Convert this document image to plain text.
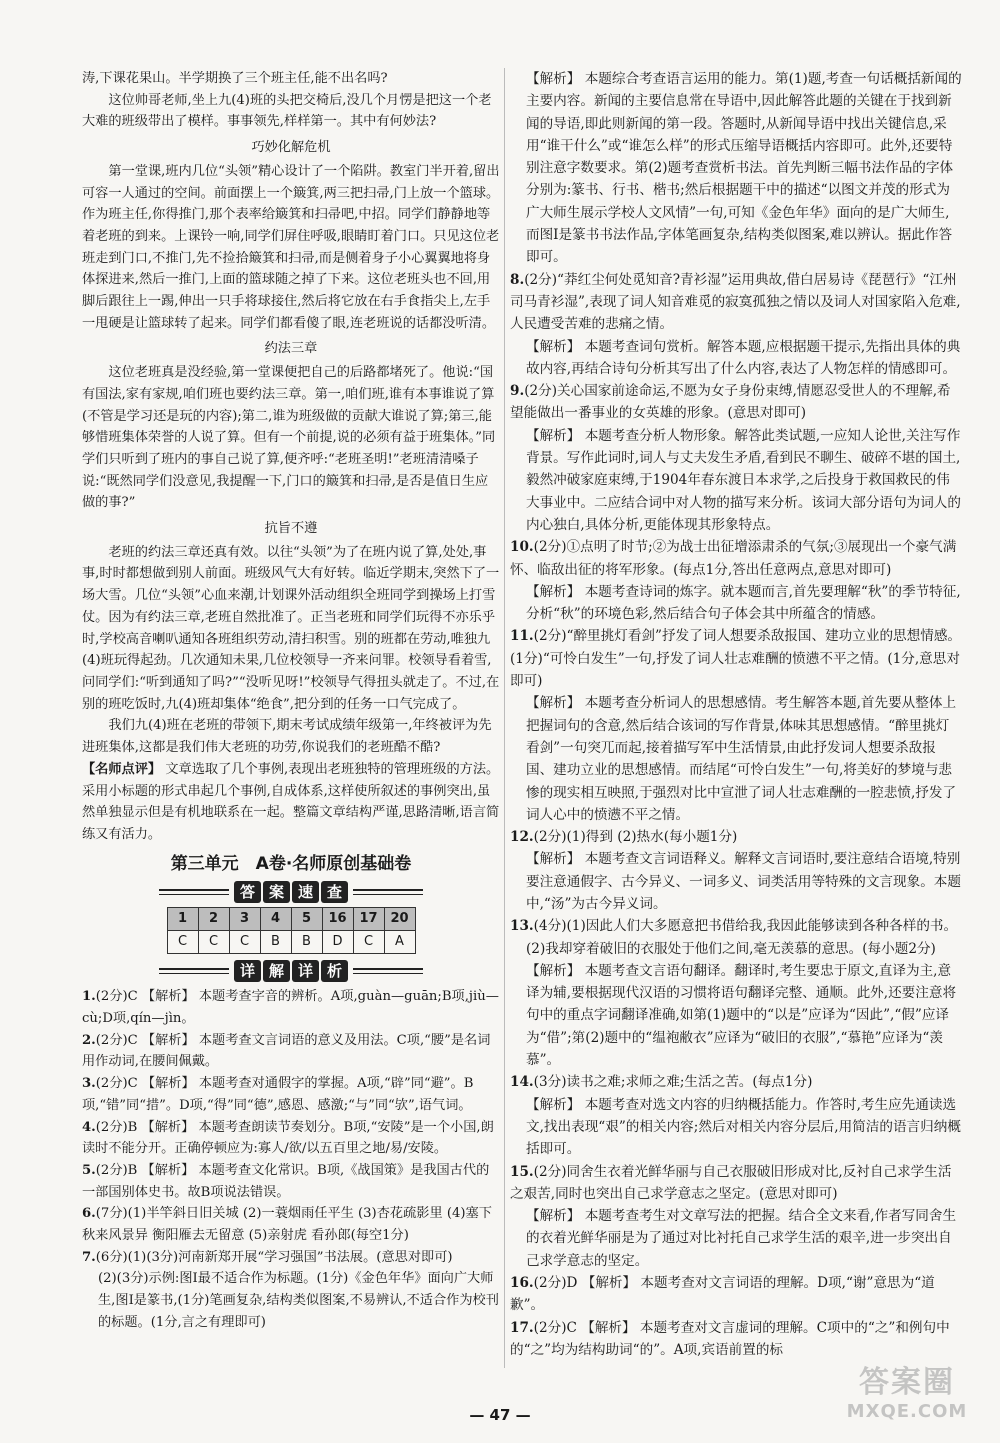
涛,下课花果山。半学期换了三个班主任,能不出名吗?

这位帅哥老师,坐上九(4)班的头把交椅后,没几个月愣是把这一个老大难的班级带出了模样。事事领先,样样第一。其中有何妙法?

巧妙化解危机

第一堂课,班内几位“头领”精心设计了一个陷阱。教室门半开着,留出可容一人通过的空间。前面摆上一个簸箕,两三把扫帚,门上放一个篮球。作为班主任,你得推门,那个表率给簸箕和扫帚吧,中招。同学们静静地等着老班的到来。上课铃一响,同学们屏住呼吸,眼睛盯着门口。只见这位老班走到门口,不推门,先不捡拾簸箕和扫帚,而是侧着身子小心翼翼地将身体探进来,然后一推门,上面的篮球随之掉了下来。这位老班头也不回,用脚后跟往上一踢,伸出一只手将球接住,然后将它放在右手食指尖上,左手一甩硬是让篮球转了起来。同学们都看傻了眼,连老班说的话都没听清。

约法三章

这位老班真是没经验,第一堂课便把自己的后路都堵死了。他说:“国有国法,家有家规,咱们班也要约法三章。第一,咱们班,谁有本事谁说了算(不管是学习还是玩的内容);第二,谁为班级做的贡献大谁说了算;第三,能够惜班集体荣誉的人说了算。但有一个前提,说的必须有益于班集体。”同学们只听到了班内的事自己说了算,便齐呼:“老班圣明!”老班清清嗓子说:“既然同学们没意见,我提醒一下,门口的簸箕和扫帚,是否是值日生应做的事?”

抗旨不遵

老班的约法三章还真有效。以往“头领”为了在班内说了算,处处,事事,时时都想做到别人前面。班级风气大有好转。临近学期末,突然下了一场大雪。几位“头领”心血来潮,计划课外活动组织全班同学到操场上打雪仗。因为有约法三章,老班自然批准了。正当老班和同学们玩得不亦乐乎时,学校高音喇叭通知各班组织劳动,清扫积雪。别的班都在劳动,唯独九(4)班玩得起劲。几次通知未果,几位校领导一齐来问罪。校领导看着雪,问同学们:“听到通知了吗?”“没听见呀!”校领导气得扭头就走了。不过,在别的班吃饭时,九(4)班却集体“绝食”,把分到的任务一口气完成了。

我们九(4)班在老班的带领下,期末考试成绩年级第一,年终被评为先进班集体,这都是我们伟大老班的功劳,你说我们的老班酷不酷?

【名师点评】 文章选取了几个事例,表现出老班独特的管理班级的方法。采用小标题的形式串起几个事例,自成体系,这样使所叙述的事例突出,虽然单独显示但是有机地联系在一起。整篇文章结构严谨,思路清晰,语言简练又有活力。

第三单元　A卷·名师原创基础卷
答 案 速 查
1	2	3	4	5	16	17	20
C	C	C	B	B	D	C	A
详 解 详 析

1.(2分)C 【解析】 本题考查字音的辨析。A项,guàn—guān;B项,jiù—cù;D项,qín—jìn。

2.(2分)C 【解析】 本题考查文言词语的意义及用法。C项,“腰”是名词用作动词,在腰间佩戴。

3.(2分)C 【解析】 本题考查对通假字的掌握。A项,“辟”同“避”。B项,“错”同“措”。D项,“得”同“德”,感恩、感激;“与”同“欤”,语气词。

4.(2分)B 【解析】 本题考查朗读节奏划分。B项,“安陵”是一个小国,朗读时不能分开。正确停顿应为:寡人/欲/以五百里之地/易/安陵。

5.(2分)B 【解析】 本题考查文化常识。B项,《战国策》是我国古代的一部国别体史书。故B项说法错误。

6.(7分)(1)半竿斜日旧关城 (2)一蓑烟雨任平生 (3)杏花疏影里 (4)塞下秋来风景异 衡阳雁去无留意 (5)亲射虎 看孙郎(每空1分)

7.(6分)(1)(3分)河南新郑开展“学习强国”书法展。(意思对即可)

(2)(3分)示例:图Ⅰ最不适合作为标题。(1分)《金色年华》面向广大师生,图Ⅰ是篆书,(1分)笔画复杂,结构类似图案,不易辨认,不适合作为校刊的标题。(1分,言之有理即可)

【解析】 本题综合考查语言运用的能力。第(1)题,考查一句话概括新闻的主要内容。新闻的主要信息常在导语中,因此解答此题的关键在于找到新闻的导语,即此则新闻的第一段。答题时,从新闻导语中找出关键信息,采用“谁干什么”或“谁怎么样”的形式压缩导语概括内容即可。此外,还要特别注意字数要求。第(2)题考查赏析书法。首先判断三幅书法作品的字体分别为:篆书、行书、楷书;然后根据题干中的描述“以图文并茂的形式为广大师生展示学校人文风情”一句,可知《金色年华》面向的是广大师生,而图Ⅰ是篆书书法作品,字体笔画复杂,结构类似图案,难以辨认。据此作答即可。

8.(2分)“莽红尘何处觅知音?青衫湿”运用典故,借白居易诗《琵琶行》“江州司马青衫湿”,表现了词人知音难觅的寂寞孤独之情以及词人对国家陷入危难,人民遭受苦难的悲痛之情。

【解析】 本题考查词句赏析。解答本题,应根据题干提示,先指出具体的典故内容,再结合诗句分析其写出了什么内容,表达了人物怎样的情感即可。

9.(2分)关心国家前途命运,不愿为女子身份束缚,情愿忍受世人的不理解,希望能做出一番事业的女英雄的形象。(意思对即可)

【解析】 本题考查分析人物形象。解答此类试题,一应知人论世,关注写作背景。写作此词时,词人与丈夫发生矛盾,看到民不聊生、破碎不堪的国土,毅然冲破家庭束缚,于1904年春东渡日本求学,之后投身于救国救民的伟大事业中。二应结合词中对人物的描写来分析。该词大部分语句为词人的内心独白,具体分析,更能体现其形象特点。

10.(2分)①点明了时节;②为战士出征增添肃杀的气氛;③展现出一个豪气满怀、临敌出征的将军形象。(每点1分,答出任意两点,意思对即可)

【解析】 本题考查诗词的炼字。就本题而言,首先要理解“秋”的季节特征,分析“秋”的环境色彩,然后结合句子体会其中所蕴含的情感。

11.(2分)“醉里挑灯看剑”抒发了词人想要杀敌报国、建功立业的思想情感。(1分)“可怜白发生”一句,抒发了词人壮志难酬的愤懑不平之情。(1分,意思对即可)

【解析】 本题考查分析词人的思想感情。考生解答本题,首先要从整体上把握词句的含意,然后结合该词的写作背景,体味其思想感情。“醉里挑灯看剑”一句突兀而起,接着描写军中生活情景,由此抒发词人想要杀敌报国、建功立业的思想感情。而结尾“可怜白发生”一句,将美好的梦境与悲惨的现实相互映照,于强烈对比中宣泄了词人壮志难酬的一腔悲愤,抒发了词人心中的愤懑不平之情。

12.(2分)(1)得到 (2)热水(每小题1分)

【解析】 本题考查文言词语释义。解释文言词语时,要注意结合语境,特别要注意通假字、古今异义、一词多义、词类活用等特殊的文言现象。本题中,“汤”为古今异义词。

13.(4分)(1)因此人们大多愿意把书借给我,我因此能够读到各种各样的书。

(2)我却穿着破旧的衣服处于他们之间,毫无羡慕的意思。(每小题2分)

【解析】 本题考查文言语句翻译。翻译时,考生要忠于原文,直译为主,意译为辅,要根据现代汉语的习惯将语句翻译完整、通顺。此外,还要注意将句中的重点字词翻译准确,如第(1)题中的“以是”应译为“因此”,“假”应译为“借”;第(2)题中的“缊袍敝衣”应译为“破旧的衣服”,“慕艳”应译为“羡慕”。

14.(3分)读书之难;求师之难;生活之苦。(每点1分)

【解析】 本题考查对选文内容的归纳概括能力。作答时,考生应先通读选文,找出表现“艰”的相关内容;然后对相关内容分层后,用简洁的语言归纳概括即可。

15.(2分)同舍生衣着光鲜华丽与自己衣服破旧形成对比,反衬自己求学生活之艰苦,同时也突出自己求学意志之坚定。(意思对即可)

【解析】 本题考查考生对文章写法的把握。结合全文来看,作者写同舍生的衣着光鲜华丽是为了通过对比衬托自己求学生活的艰辛,进一步突出自己求学意志的坚定。

16.(2分)D 【解析】 本题考查对文言词语的理解。D项,“谢”意思为“道歉”。

17.(2分)C 【解析】 本题考查对文言虚词的理解。C项中的“之”和例句中的“之”均为结构助词“的”。A项,宾语前置的标

— 47 —
答案圈
MXQE.COM
